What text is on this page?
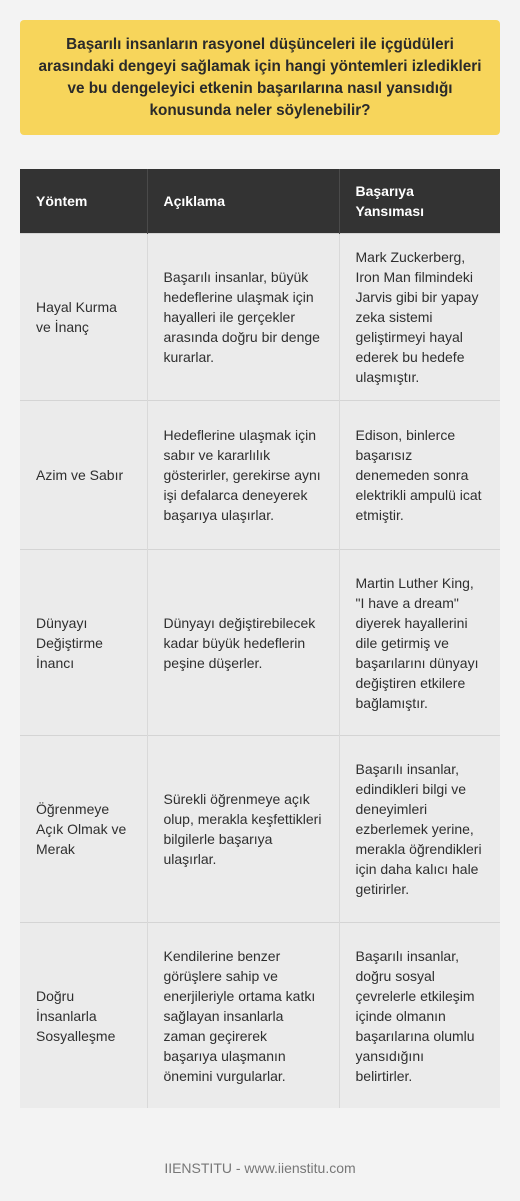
Başarılı insanların rasyonel düşünceleri ile içgüdüleri arasındaki dengeyi sağlamak için hangi yöntemleri izledikleri ve bu dengeleyici etkenin başarılarına nasıl yansıdığı konusunda neler söylenebilir?

Yöntem	Açıklama	Başarıya Yansıması
Hayal Kurma ve İnanç	Başarılı insanlar, büyük hedeflerine ulaşmak için hayalleri ile gerçekler arasında doğru bir denge kurarlar.	Mark Zuckerberg, Iron Man filmindeki Jarvis gibi bir yapay zeka sistemi geliştirmeyi hayal ederek bu hedefe ulaşmıştır.
Azim ve Sabır	Hedeflerine ulaşmak için sabır ve kararlılık gösterirler, gerekirse aynı işi defalarca deneyerek başarıya ulaşırlar.	Edison, binlerce başarısız denemeden sonra elektrikli ampulü icat etmiştir.
Dünyayı Değiştirme İnancı	Dünyayı değiştirebilecek kadar büyük hedeflerin peşine düşerler.	Martin Luther King, "I have a dream" diyerek hayallerini dile getirmiş ve başarılarını dünyayı değiştiren etkilere bağlamıştır.
Öğrenmeye Açık Olmak ve Merak	Sürekli öğrenmeye açık olup, merakla keşfettikleri bilgilerle başarıya ulaşırlar.	Başarılı insanlar, edindikleri bilgi ve deneyimleri ezberlemek yerine, merakla öğrendikleri için daha kalıcı hale getirirler.
Doğru İnsanlarla Sosyalleşme	Kendilerine benzer görüşlere sahip ve enerjileriyle ortama katkı sağlayan insanlarla zaman geçirerek başarıya ulaşmanın önemini vurgularlar.	Başarılı insanlar, doğru sosyal çevrelerle etkileşim içinde olmanın başarılarına olumlu yansıdığını belirtirler.
IIENSTITU - www.iienstitu.com
